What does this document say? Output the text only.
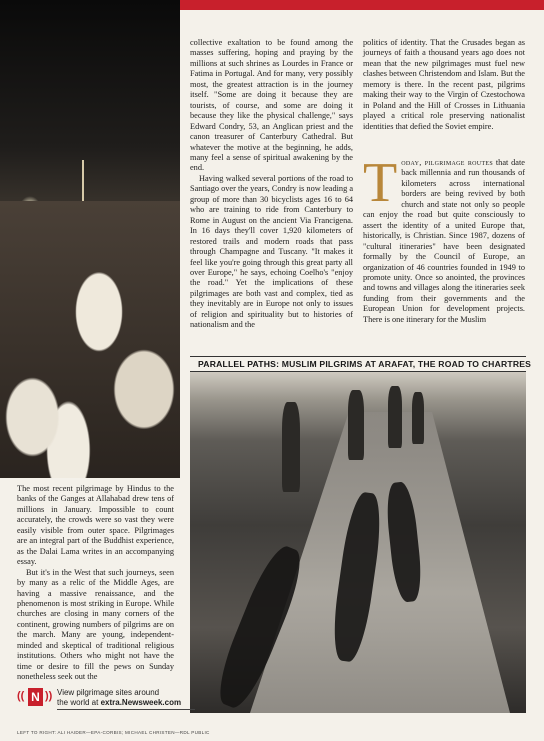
collective exaltation to be found among the masses suffering, hoping and praying by the millions at such shrines as Lourdes in France or Fatima in Portugal. And for many, very possibly most, the greatest attraction is in the journey itself. "Some are doing it because they are tourists, of course, and some are doing it because they like the physical challenge," says Edward Condry, 53, an Anglican priest and the canon treasurer of Canterbury Cathedral. But whatever the motive at the beginning, he adds, many feel a sense of spiritual awakening by the end.

Having walked several portions of the road to Santiago over the years, Condry is now leading a group of more than 30 bicyclists ages 16 to 64 who are training to ride from Canterbury to Rome in August on the ancient Via Francigena. In 16 days they'll cover 1,920 kilometers of restored trails and modern roads that pass through Champagne and Tuscany. "It makes it feel like you're going through this great party all over Europe," he says, echoing Coelho's "enjoy the road." Yet the implications of these pilgrimages are both vast and complex, tied as they inevitably are in Europe not only to issues of religion and spirituality but to histories of nationalism and the

politics of identity. That the Crusades began as journeys of faith a thousand years ago does not mean that the new pilgrimages must fuel new clashes between Christendom and Islam. But the memory is there. In the recent past, pilgrims making their way to the Virgin of Czestochowa in Poland and the Hill of Crosses in Lithuania played a critical role preserving nationalist identities that defied the Soviet empire.

Today, pilgrimage routes that date back millennia and run thousands of kilometers across international borders are being revived by both church and state not only so people can enjoy the road but quite consciously to assert the identity of a united Europe that, historically, is Christian. Since 1987, dozens of "cultural itineraries" have been designated formally by the Council of Europe, an organization of 46 countries founded in 1949 to promote unity. Once so anointed, the provinces and towns and villages along the itineraries seek funding from their governments and the European Union for development projects. There is one itinerary for the Muslim

PARALLEL PATHS: MUSLIM PILGRIMS AT ARAFAT, THE ROAD TO CHARTRES

The most recent pilgrimage by Hindus to the banks of the Ganges at Allahabad drew tens of millions in January. Impossible to count accurately, the crowds were so vast they were easily visible from outer space. Pilgrimages are an integral part of the Buddhist experience, as the Dalai Lama writes in an accompanying essay.

But it's in the West that such journeys, seen by many as a relic of the Middle Ages, are having a massive renaissance, and the phenomenon is most striking in Europe. While churches are closing in many corners of the continent, growing numbers of pilgrims are on the march. Many are young, independent-minded and skeptical of traditional religious institutions. Others who might not have the time or desire to fill the pews on Sunday nonetheless seek out the

(( N )) View pilgrimage sites around
the world at extra.Newsweek.com
LEFT TO RIGHT: ALI HAIDER—EPA-CORBIS; MICHAEL CHRISTEN—RDL PUBLIC
